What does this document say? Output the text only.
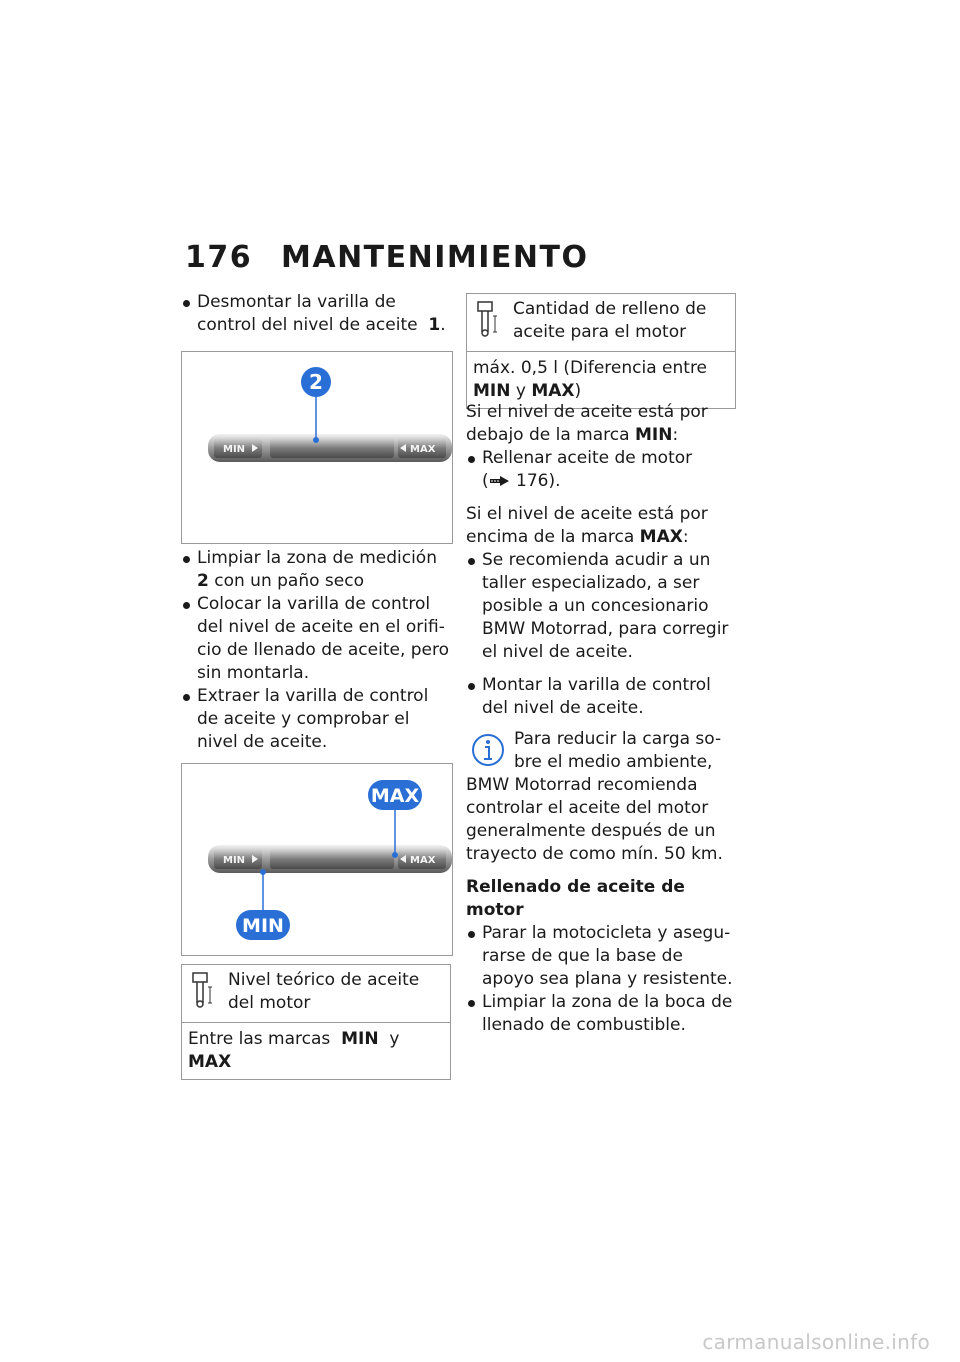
176 MANTENIMIENTO

Desmontar la varilla de control del nivel de aceite 1.

MIN	MAX
2

Limpiar la zona de medición  2 con un paño seco

Colocar la varilla de control del nivel de aceite en el orifi- cio de llenado de aceite, pero sin montarla.

Extraer la varilla de control de aceite y comprobar el nivel de aceite.

MIN	MAX
MAX
MIN
Nivel teórico de aceite del motor
Entre las marcas MIN y  MAX
Cantidad de relleno de aceite para el motor
máx. 0,5 l (Diferencia entre MIN y MAX)

Si el nivel de aceite está por debajo de la marca MIN:

Rellenar aceite de motor
( 176).

Si el nivel de aceite está por encima de la marca MAX:

Se recomienda acudir a un taller especializado, a ser posible a un concesionario BMW Motorrad, para corregir el nivel de aceite.

Montar la varilla de control del nivel de aceite.

Para reducir la carga so- bre el medio ambiente, BMW Motorrad recomienda controlar el aceite del motor generalmente después de un trayecto de como mín. 50 km.

Rellenado de aceite de motor

Parar la motocicleta y asegu- rarse de que la base de apoyo sea plana y resistente.

Limpiar la zona de la boca de llenado de combustible.

carmanualsonline.info
